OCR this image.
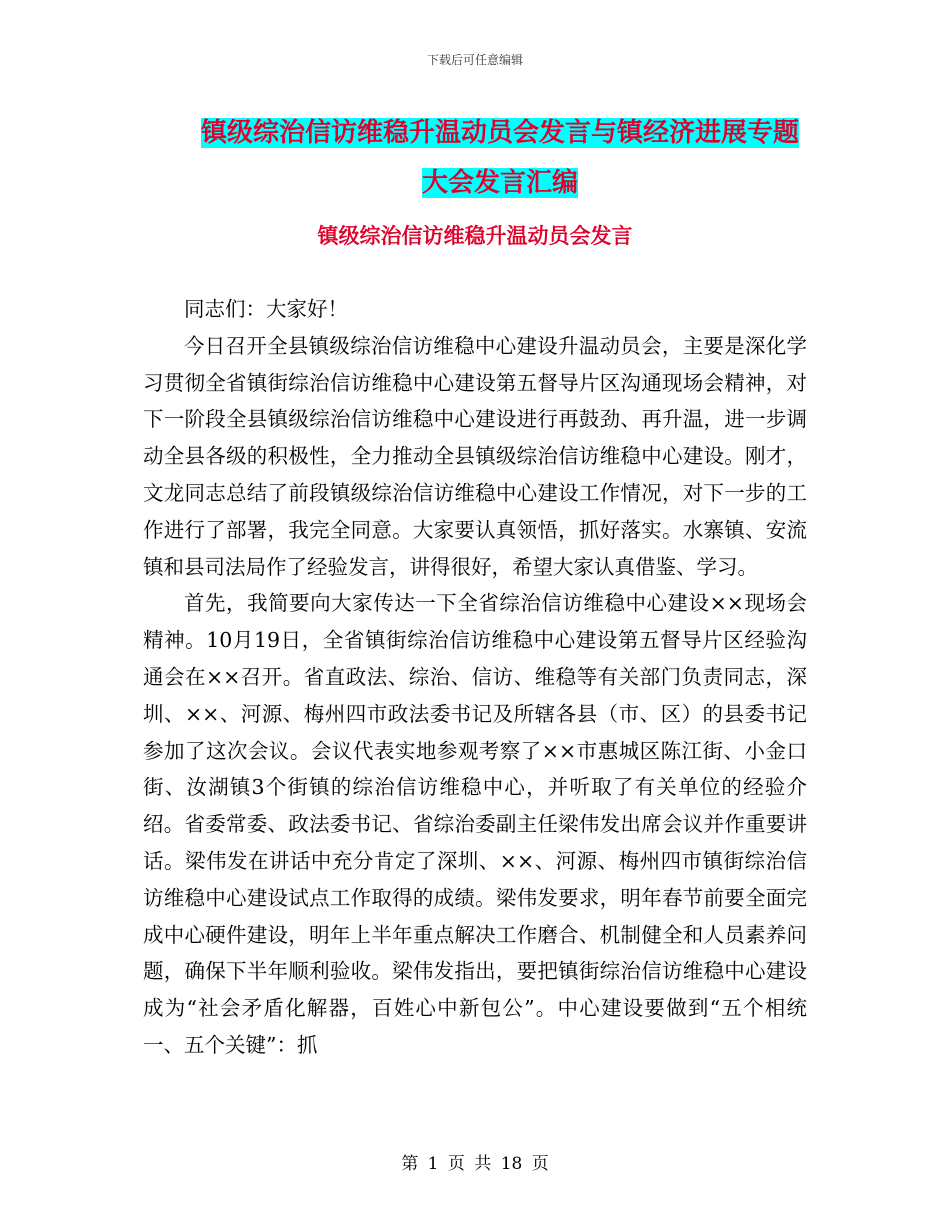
下载后可任意编辑
镇级综治信访维稳升温动员会发言与镇经济进展专题
大会发言汇编
镇级综治信访维稳升温动员会发言

同志们：大家好！

今日召开全县镇级综治信访维稳中心建设升温动员会，主要是深化学习贯彻全省镇街综治信访维稳中心建设第五督导片区沟通现场会精神，对下一阶段全县镇级综治信访维稳中心建设进行再鼓劲、再升温，进一步调动全县各级的积极性，全力推动全县镇级综治信访维稳中心建设。刚才，文龙同志总结了前段镇级综治信访维稳中心建设工作情况，对下一步的工作进行了部署，我完全同意。大家要认真领悟，抓好落实。水寨镇、安流镇和县司法局作了经验发言，讲得很好，希望大家认真借鉴、学习。

首先，我简要向大家传达一下全省综治信访维稳中心建设××现场会精神。10月19日，全省镇街综治信访维稳中心建设第五督导片区经验沟通会在××召开。省直政法、综治、信访、维稳等有关部门负责同志，深圳、××、河源、梅州四市政法委书记及所辖各县（市、区）的县委书记参加了这次会议。会议代表实地参观考察了××市惠城区陈江街、小金口街、汝湖镇3个街镇的综治信访维稳中心，并听取了有关单位的经验介绍。省委常委、政法委书记、省综治委副主任梁伟发出席会议并作重要讲话。梁伟发在讲话中充分肯定了深圳、××、河源、梅州四市镇街综治信访维稳中心建设试点工作取得的成绩。梁伟发要求，明年春节前要全面完成中心硬件建设，明年上半年重点解决工作磨合、机制健全和人员素养问题，确保下半年顺利验收。梁伟发指出，要把镇街综治信访维稳中心建设成为“社会矛盾化解器，百姓心中新包公”。中心建设要做到“五个相统一、五个关键”：抓

第 1 页 共 18 页
